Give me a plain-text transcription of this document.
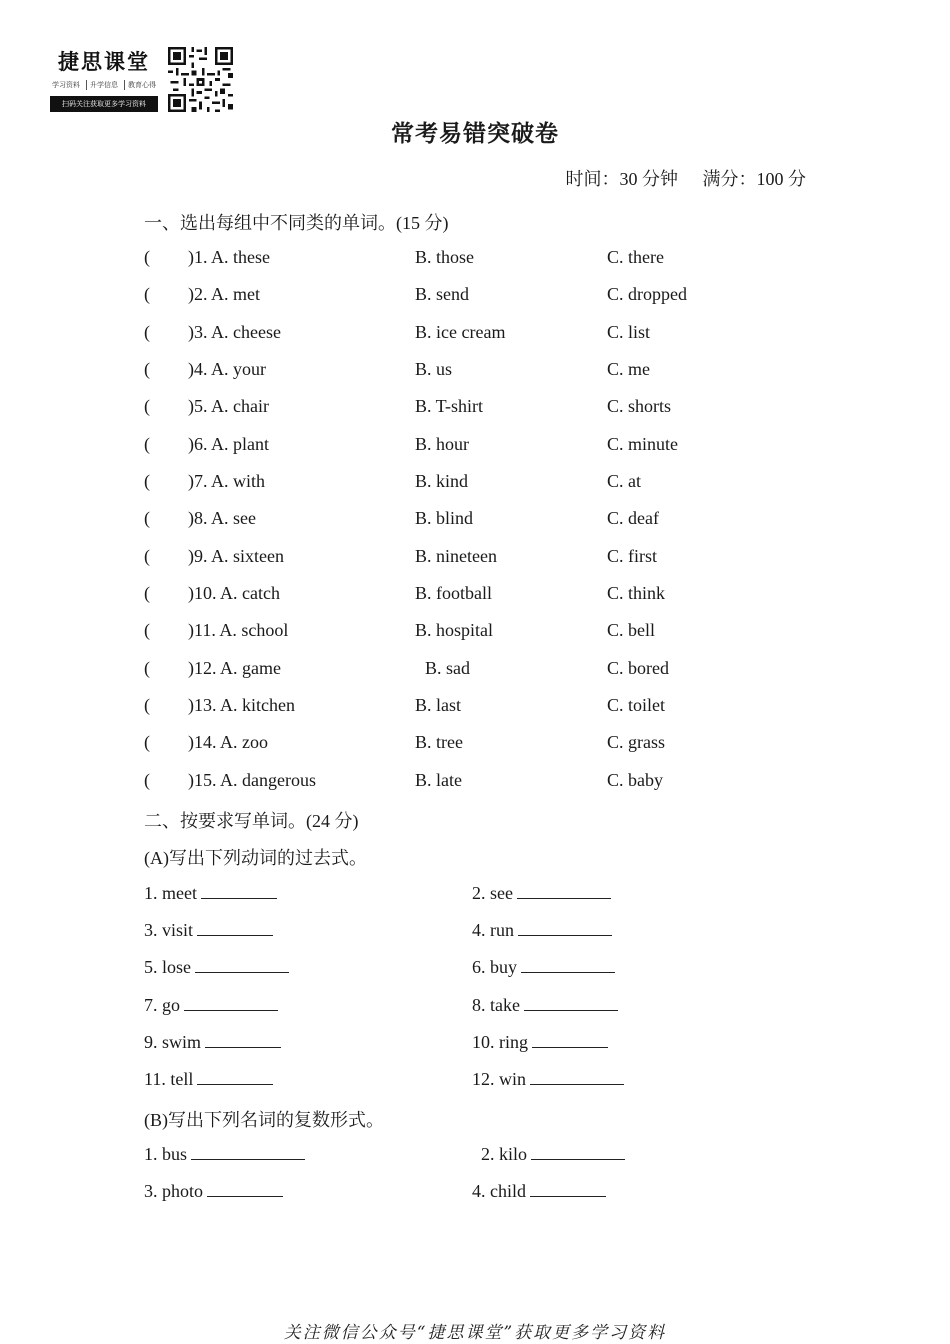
捷思课堂
学习资料	升学信息	教育心得
扫码关注获取更多学习资料
常考易错突破卷
时间：30 分钟 满分：100 分
一、选出每组中不同类的单词。(15 分)
( )1. A. these	B. those	C. there
( )2. A. met	B. send	C. dropped
( )3. A. cheese	B. ice cream	C. list
( )4. A. your	B. us	C. me
( )5. A. chair	B. T-shirt	C. shorts
( )6. A. plant	B. hour	C. minute
( )7. A. with	B. kind	C. at
( )8. A. see	B. blind	C. deaf
( )9. A. sixteen	B. nineteen	C. first
( )10. A. catch	B. football	C. think
( )11. A. school	B. hospital	C. bell
( )12. A. game	B. sad	C. bored
( )13. A. kitchen	B. last	C. toilet
( )14. A. zoo	B. tree	C. grass
( )15. A. dangerous	B. late	C. baby
二、按要求写单词。(24 分)
(A)写出下列动词的过去式。
1. meet	2. see
3. visit	4. run
5. lose	6. buy
7. go	8. take
9. swim	10. ring
11. tell	12. win
(B)写出下列名词的复数形式。
1. bus	2. kilo
3. photo	4. child
关注微信公众号“捷思课堂”获取更多学习资料
